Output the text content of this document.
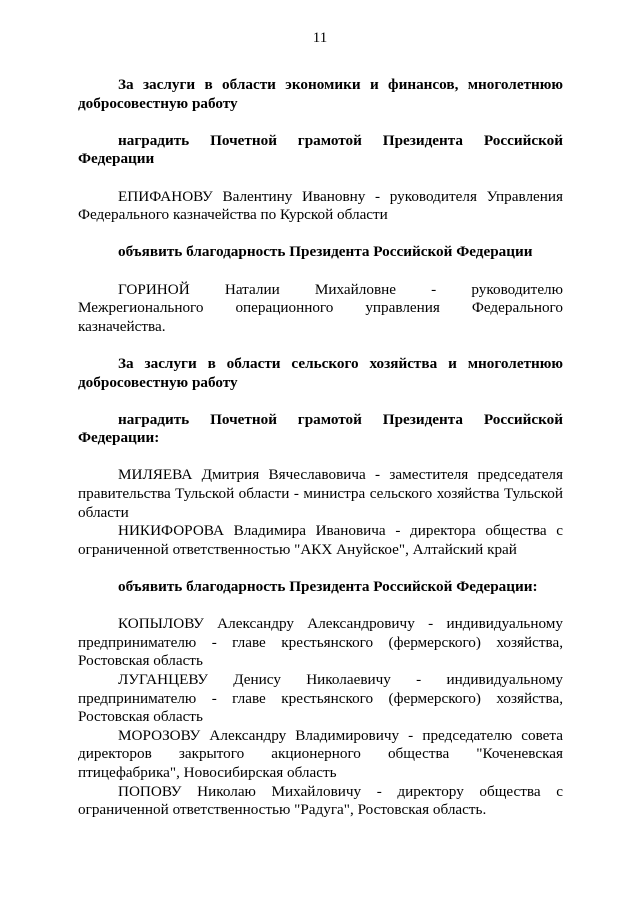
11

За заслуги в области экономики и финансов, многолетнюю добросовестную работу

наградить Почетной грамотой Президента Российской Федерации

ЕПИФАНОВУ Валентину Ивановну - руководителя Управления Федерального казначейства по Курской области

объявить благодарность Президента Российской Федерации

ГОРИНОЙ Наталии Михайловне - руководителю Межрегионального операционного управления Федерального казначейства.

За заслуги в области сельского хозяйства и многолетнюю добросовестную работу

наградить Почетной грамотой Президента Российской Федерации:

МИЛЯЕВА Дмитрия Вячеславовича - заместителя председателя правительства Тульской области - министра сельского хозяйства Тульской области

НИКИФОРОВА Владимира Ивановича - директора общества с ограниченной ответственностью "АКХ Ануйское", Алтайский край

объявить благодарность Президента Российской Федерации:

КОПЫЛОВУ Александру Александровичу - индивидуальному предпринимателю - главе крестьянского (фермерского) хозяйства, Ростовская область

ЛУГАНЦЕВУ Денису Николаевичу - индивидуальному предпринимателю - главе крестьянского (фермерского) хозяйства, Ростовская область

МОРОЗОВУ Александру Владимировичу - председателю совета директоров закрытого акционерного общества "Коченевская птицефабрика", Новосибирская область

ПОПОВУ Николаю Михайловичу - директору общества с ограниченной ответственностью "Радуга", Ростовская область.
